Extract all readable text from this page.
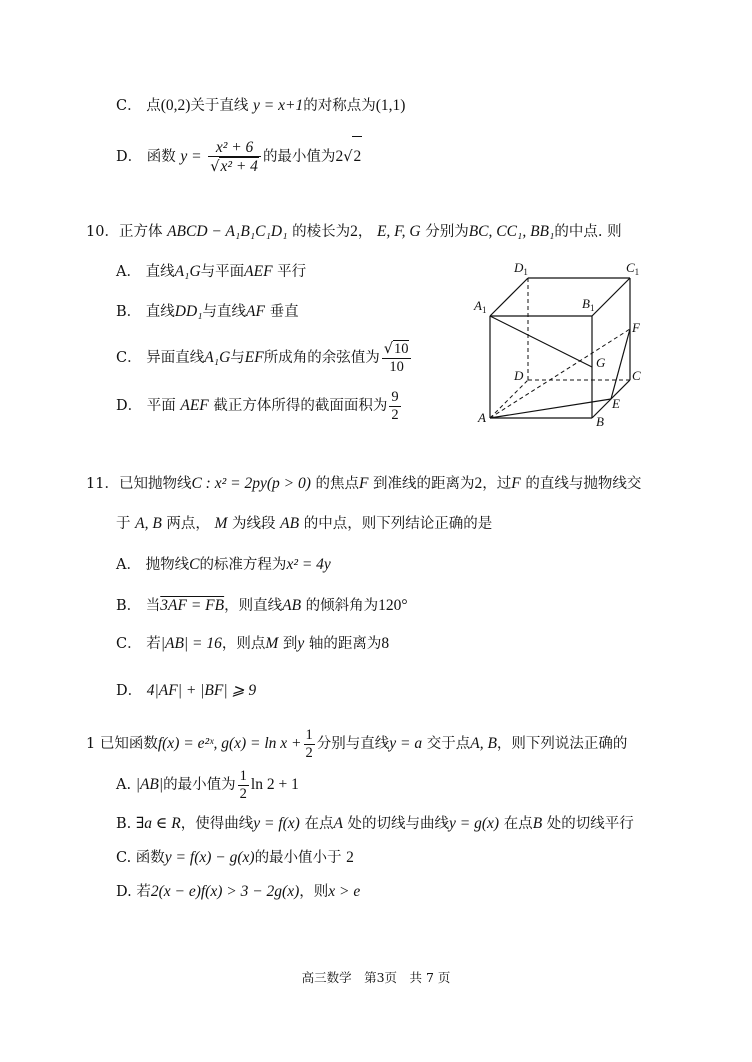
C． 点(0,2)关于直线 y = x+1的对称点为(1,1)
D． 函数 $y = \frac{\text{x² + 6}}{\text{√x² + 4}}$ 的最小值为2√2
10．正方体 ABCD − A₁B₁C₁D₁ 的棱长为2， E, F, G 分别为BC, CC₁, BB₁的中点. 则
A． 直线A₁G与平面AEF 平行
B． 直线DD₁与直线AF 垂直
C． 异面直线A₁G与EF所成角的余弦值为 $\frac{√10}{10}$
D． 平面 AEF 截正方体所得的截面面积为 $\frac{9}{2}$
$D_1$	$C_1$
$A_1$	$B_1$
F
G
D	C
A
E
B
11．已知抛物线C : x² = 2py(p > 0) 的焦点F 到准线的距离为2，过F 的直线与抛物线交
于 A, B 两点， M 为线段 AB 的中点，则下列结论正确的是
A． 抛物线C的标准方程为x² = 4y
B． 当3AF = FB，则直线AB 的倾斜角为120°
C． 若|AB| = 16，则点M 到y 轴的距离为8
D． 4|AF| + |BF| ⩾ 9
1 已知函数f(x) = e²ˣ, $g(x) = \ln x + \frac{1}{2}$ 分别与直线y = a 交于点A, B，则下列说法正确的
A. |AB|的最小值为 $\frac{1}{2}$ ln 2 + 1
B. ∃a ∈ R，使得曲线y = f(x) 在点A 处的切线与曲线y = g(x) 在点B 处的切线平行
C. 函数y = f(x) − g(x)的最小值小于 2
D. 若2(x − e)f(x) > 3 − 2g(x)，则x > e
高三数学　第3页　共 7 页
